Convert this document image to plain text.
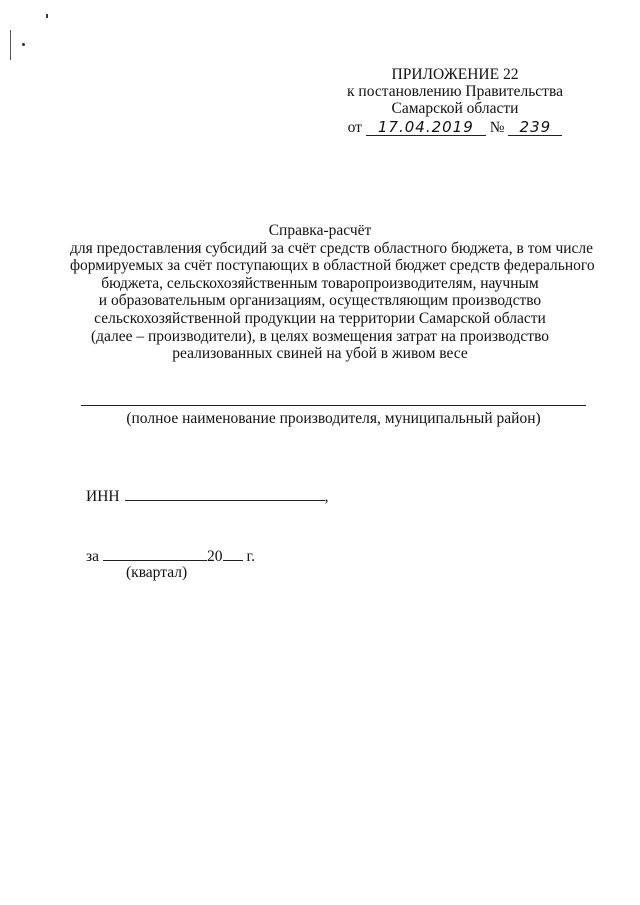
ПРИЛОЖЕНИЕ 22
к постановлению Правительства
Самарской области
от 17.04.2019 № 239
Справка-расчёт
для предоставления субсидий за счёт средств областного бюджета, в том числе
формируемых за счёт поступающих в областной бюджет средств федерального
бюджета, сельскохозяйственным товаропроизводителям, научным
и образовательным организациям, осуществляющим производство
сельскохозяйственной продукции на территории Самарской области
(далее – производители), в целях возмещения затрат на производство
реализованных свиней на убой в живом весе
(полное наименование производителя, муниципальный район)
ИНН	,
за	20 г.
(квартал)
